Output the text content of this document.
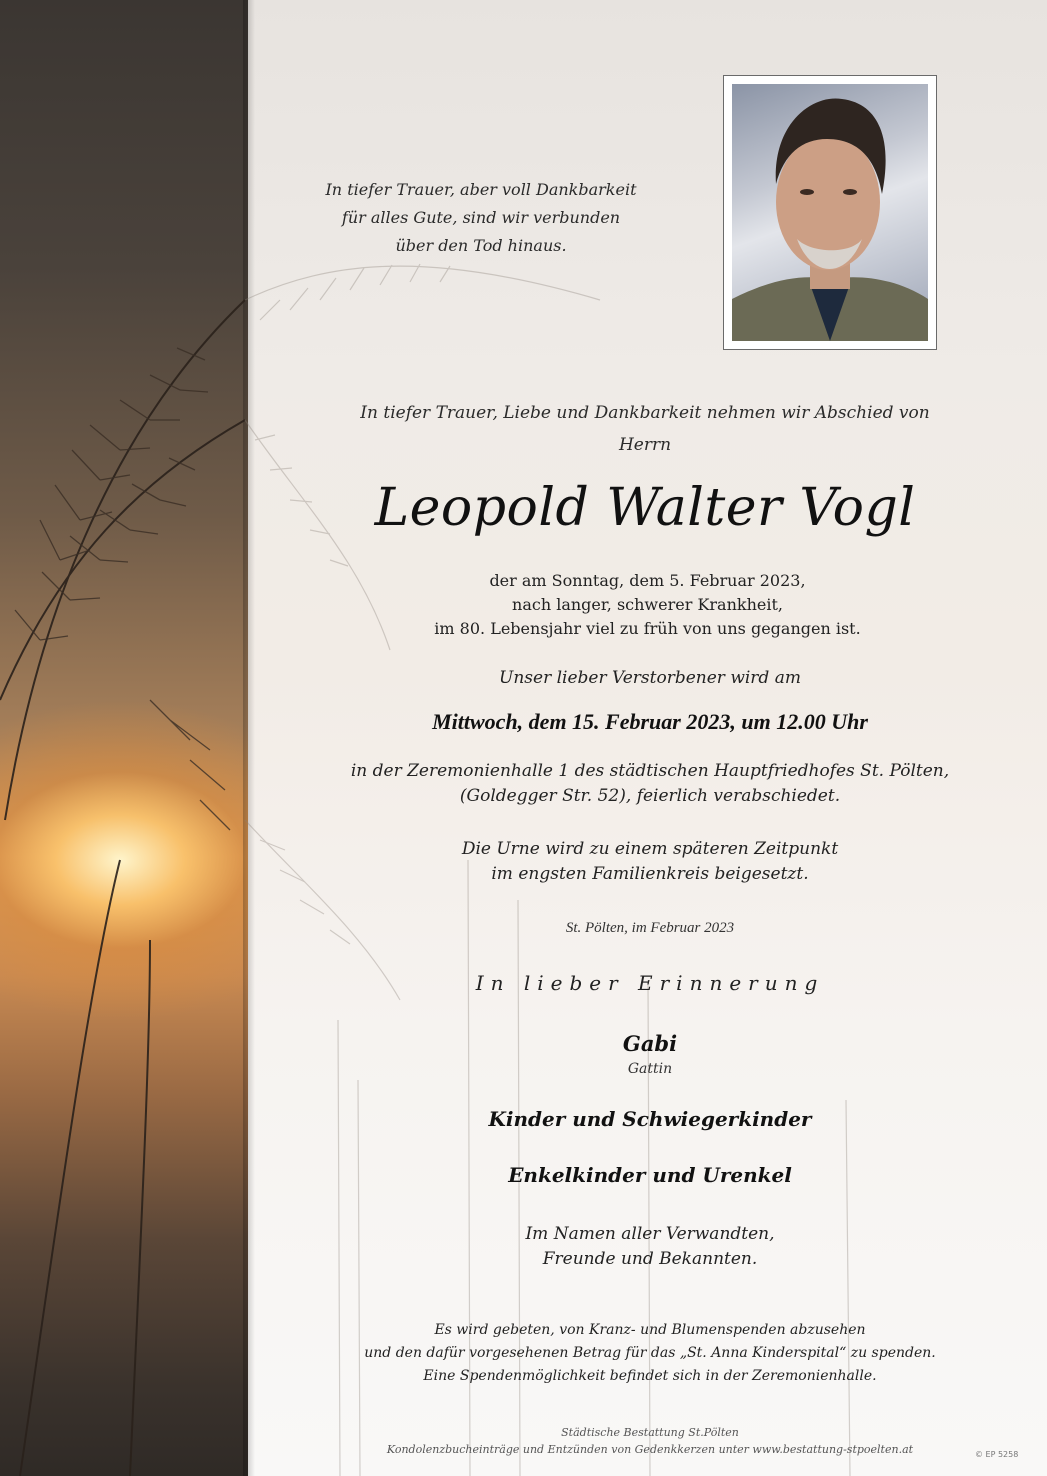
In tiefer Trauer, aber voll Dankbarkeit
für alles Gute, sind wir verbunden
über den Tod hinaus.
In tiefer Trauer, Liebe und Dankbarkeit nehmen wir Abschied von
Herrn
Leopold Walter Vogl
der am Sonntag, dem 5. Februar 2023,
nach langer, schwerer Krankheit,
im 80. Lebensjahr viel zu früh von uns gegangen ist.
Unser lieber Verstorbener wird am
Mittwoch, dem 15. Februar 2023, um 12.00 Uhr
in der Zeremonienhalle 1 des städtischen Hauptfriedhofes St. Pölten,
(Goldegger Str. 52), feierlich verabschiedet.
Die Urne wird zu einem späteren Zeitpunkt
im engsten Familienkreis beigesetzt.
St. Pölten, im Februar 2023
In lieber Erinnerung
Gabi
Gattin
Kinder und Schwiegerkinder
Enkelkinder und Urenkel
Im Namen aller Verwandten,
Freunde und Bekannten.
Es wird gebeten, von Kranz- und Blumenspenden abzusehen
und den dafür vorgesehenen Betrag für das „St. Anna Kinderspital“ zu spenden.
Eine Spendenmöglichkeit befindet sich in der Zeremonienhalle.
Städtische Bestattung St.Pölten
Kondolenzbucheinträge und Entzünden von Gedenkkerzen unter www.bestattung-stpoelten.at	© EP 5258
